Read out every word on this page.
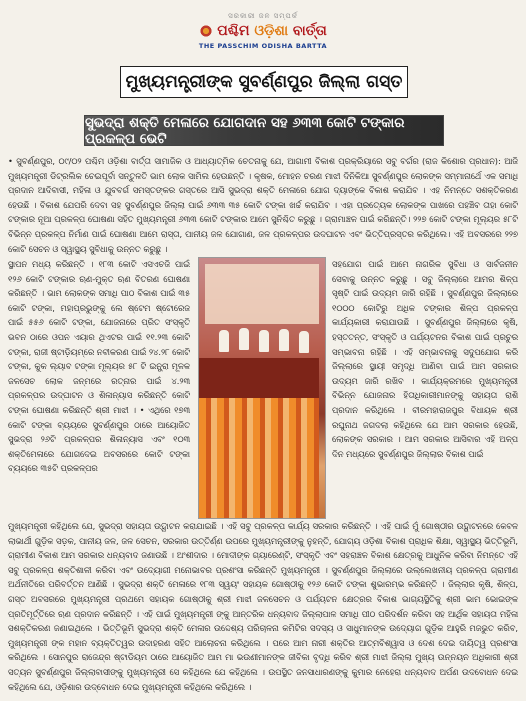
ସରକାରୀ ଜନ ସମ୍ପର୍କ
ପଶ୍ଚିମ ଓଡ଼ିଶା ବାର୍ତ୍ତା
THE PASSCHIM ODISHA BARTTA
ମୁଖ୍ୟମନ୍ତ୍ରୀଙ୍କ ସୁବର୍ଣ୍ଣପୁର ଜିଲ୍ଲା ଗସ୍ତ
ସୁଭଦ୍ରା ଶକ୍ତି ମେଳାରେ ଯୋଗଦାନ ସହ ୬୩୩ କୋଟି ଟଙ୍କାର ପ୍ରକଳ୍ପ ଭେଟି
• ସୁବର୍ଣ୍ଣପୁର, ୦୯/୦୨ ପଶ୍ଚିମ ଓଡ଼ିଶା ବାର୍ତ୍ତା ସାମାଜିକ ଓ ଆଧ୍ୟାତ୍ମିକ ଚେତନାକୁ ଯେ, ଆଗାମୀ ବିକାଶ ପ୍ରକ୍ରିୟାରେ ସବୁ ବର୍ଗର (ରାଜ କିଶୋର ପ୍ରଧାନ): ଆଜି ମୁଖ୍ୟମନ୍ତ୍ରୀ ଡିଟ୍ରଲିକ ଚେଇପୂର୍ବା ସନ୍ତୁଳତି ଭାମ ଲୋକ ସାମିଲ ହେଉଛନ୍ତି । କୃଷକ, ମୋହନ ଚରଣ ମାଝୀ ଦିନିକିଆ ସୁବର୍ଣ୍ଣପୁର ଲୋକଙ୍କ ସମ୍ମାନାର୍ଥେ ଏକ ସମାଧି ପ୍ରଦାନ ଆଦିବାସୀ, ମହିଳା ଓ ଯୁବବର୍ଗ ସମସ୍ତଙ୍କର ଗସ୍ତରେ ଆସି ସୁଭଦ୍ରା ଶକ୍ତି ମେଳାରେ ଯୋଗ ଦ୍ୟାଙ୍କେ ବିକାଶ କରାଯିବ । ଏହ ନିମନ୍ତେ ସଶକ୍ତିକରଣ ହେଉଛି । ବିକାଶ ଯେପରି ଦେବା ସହ ସୁବର୍ଣ୍ଣପୁର ଜିଲ୍ଲା ପାଇଁ ୬୩୩ ୩୫ କୋଟି ଟଙ୍କା ଖର୍ଚ୍ଚ କରାଯିବ । ଏହା ପ୍ରତ୍ୟେକ ଲୋକଙ୍କ ପାଖରେ ପହଞ୍ଚିବ ତାହା କୋଟି ଟଙ୍କାର ନୂଆ ପ୍ରକଳ୍ପ ଘୋଷଣା ସହିତ ମୁଖ୍ୟମନ୍ତ୍ରୀ ୬୩୩ କୋଟି ଟଙ୍କାର ଆମେ ସୁନିଶ୍ଚିତ କରୁଛୁ । ଗ୍ରାମାଞ୍ଚଳ ପାଇଁ କରିଛନ୍ତି। ୨୨୭ କୋଟି ଟଙ୍କା ମୂଲ୍ୟର ୫୮ଟି ବିଭିନ୍ନ ପ୍ରକଳ୍ପ ନିର୍ମାଣ ପାଇଁ ଘୋଷଣା ଆମେ ରାସ୍ତା, ପାନୀୟ ଜଳ ଯୋଗାଣ, ଜଳ ପ୍ରକଳ୍ପର ଉଦଘାଟନ ଏବଂ ଭିତ୍ତିପ୍ରସ୍ତର କରିଥିଲେ। ଏହି ଅବସରରେ ୨୨୭ କୋଟି ସେଚନ ଓ ସ୍ୱାସ୍ଥ୍ୟ ସୁବିଧାକୁ ଉନ୍ନତ କରୁଛୁ ।
ସ୍ଥାପନ ମଧ୍ୟ କରିଛନ୍ତି । ୧୮୩ କୋଟି ଏସଏଚଜି ପାଇଁ ୧୨୬ କୋଟି ଟଙ୍କାର ଋଣ-ମୁକ୍ତ ଋଣ ବିତରଣ ଘୋଷଣା କରିଛନ୍ତି । ଭାମ ଲୋକଙ୍କ ସମାଧି ପାଠ ବିକାଶ ପାଇଁ ୩୫ କୋଟି ଟଙ୍କା, ମହାପ୍ରଭୁଙ୍କୁ ଲେ ଷ୍ଟେମ ଷ୍ଟୋରେଜ ପାଇଁ ୫୫୬ କୋଟି ଟଙ୍କା, ଯୋଜନାରେ ପ୍ରିତ ସଂସ୍କୃତି ଭବନ ଠାରେ ଓପନ ଏୟାର ଥିଏଟର ପାଇଁ ୧୧.୨୩ କୋଟି ଟଙ୍କା, ରାଜୀ ଷ୍ଟାଡ଼ିୟମ୍‌ରେ ନବୀକରଣ ପାଇଁ ୨୪.୨୮ କୋଟି ଟଙ୍କା, କୁକ ଲ୍ୟାବ ଟଙ୍କା ମୂଲ୍ୟର ୫୮ ଟି ଇନ୍ଫ୍ରା ମୂଳକ ଜଳସେଚ ଲୋକ ଜନ୍ମରେ ରତ୍ନାର ପାଇଁ ୪.୨୩ ପ୍ରକଳ୍ପର ଉଦ୍‌ଘାଟନ ଓ ଶିଳାନ୍ୟାସ କରିଛନ୍ତି କୋଟି ଟଙ୍କା ଘୋଷଣା କରିଛନ୍ତି ଶ୍ରୀ ମାଝୀ । • ଏଥିରେ ୧୭୩ କୋଟି ଟଙ୍କା ବ୍ୟୟରେ ସୁବର୍ଣ୍ଣପୁର ଠାରେ ଆୟୋଜିତ ସୁଭଦ୍ରା ୨୬ଟି ପ୍ରକଳ୍ପର ଶିଳାନ୍ୟାସ ଏବଂ ୧୦୩ ଶକ୍ତିମେଳାରେ ଯୋଗଦେଇ ଅବସରରେ କୋଟି ଟଙ୍କା ବ୍ୟୟରେ ୩୫ଟି ପ୍ରକଳ୍ପର
ସହଯୋଗ ପାଇଁ ଆମେ ନାଗରିକ ସୁବିଧା ଓ ସାର୍ବଜନୀନ ସେବାକୁ ଉନ୍ନତ କରୁଛୁ । ସବୁ ଜିଲ୍ଲାରେ ଆମର ଶିଳ୍ପ ସୃଷ୍ଟି ପାଇଁ ଉଦ୍ୟମ ଜାରି ରହିଛି । ସୁବର୍ଣ୍ଣପୁର ଜିଲ୍ଲାରେ ୧୦୦୦ କୋଟିରୁ ଅଧିକ ଟଙ୍କାର ଶିଳ୍ପ ପ୍ରକଳ୍ପ କାର୍ଯ୍ୟକାରୀ କରାଯାଉଛି । ସୁବର୍ଣ୍ଣପୁର ଜିଲ୍ଲାରେ କୃଷି, ହସ୍ତତନ୍ତ, ସଂସ୍କୃତି ଓ ପର୍ଯ୍ୟଟନର ବିକାଶ ପାଇଁ ପ୍ରଚୁର ସମ୍ଭାବନା ରହିଛି । ଏହି ସମ୍ଭାବନାକୁ ସଦୁପଯୋଗ କରି ଜିଲ୍ଲାରେ ସ୍ଥାୟୀ ସମୃଦ୍ଧି ଆଣିବା ପାଇଁ ଆମ ସରକାର ଉଦ୍ୟମ ଜାରି ରଖିବ । କାର୍ଯ୍ୟକ୍ରମରେ ମୁଖ୍ୟମନ୍ତ୍ରୀ ବିଭିନ୍ନ ଯୋଜନାର ହିତାଧିକାରୀମାନଙ୍କୁ ସହାୟତା ରାଶି ପ୍ରଦାନ କରିଥିଲେ । ବୀରମହାରାଜପୁର ବିଧାୟକ ଶ୍ରୀ ରଘୁନାଥ ଜଗଦଲା କହିଥିଲେ ଯେ ଆମ ସରକାର ହେଉଛି, ଲୋକଙ୍କ ସରକାର । ଆମ ସରକାର ଆସିବାର ଏହି ଅଳ୍ପ ଦିନ ମଧ୍ୟରେ ସୁବର୍ଣ୍ଣପୁର ଜିଲ୍ଲାର ବିକାଶ ପାଇଁ
ମୁଖ୍ୟମନ୍ତ୍ରୀ କହିଥିଲେ ଯେ, ସୁଭଦ୍ରା ସହାୟତା ଉଦ୍ଘାଟନ କରାଯାଇଛି । ଏହି ସବୁ ପ୍ରକଳ୍ପ କାର୍ଯ୍ୟ ସରକାର କରିଛନ୍ତି । ଏହି ପାଇଁ ମୁଁ ଗୋଷ୍ଠୀର ଉଦ୍ଘାଟନରେ କେବଳ ଲାଭାର୍ଥୀ ଗୁଡ଼ିକ ସଡ଼କ, ପାନୀୟ ଜଳ, ଜଳ ସେଚନ, ସରକାର ଉତ୍ତିର୍ଣ୍ଣ ଉପରେ ମୁଖ୍ୟମନ୍ତ୍ରୀଙ୍କୁ ନୁହନ୍ତି, ଯୋଗ୍ୟ ଓଡ଼ିଶା ବିକାଶ ପ୍ରାଧିକ ଶିକ୍ଷା, ସ୍ୱାସ୍ଥ୍ୟ ଭିତ୍ତିଭୂମି, ଗ୍ରାମୀଣ ବିକାଶ ଆମ ସରକାର ଧନ୍ୟବାଦ ଜଣାଉଛି । ଅଂଶୀଦାର । ମୋଦୀଙ୍କ ଗ୍ୟାରେଣ୍ଟି, ସଂସ୍କୃତି ଏବଂ ସହରାଞ୍ଚଳ ବିକାଶ କ୍ଷେତ୍ରକୁ ଆଧୁନିକ କରିବା ନିମନ୍ତେ ଏହି ସବୁ ପ୍ରକଳ୍ପ ଶକ୍ତିଶାଳୀ କରିବା ଏବଂ ଉଦ୍ୟୋଗୀ ମନୋଭାବର ପ୍ରଶଂସା କରିଛନ୍ତି ମୁଖ୍ୟମନ୍ତ୍ରୀ । ସୁବର୍ଣ୍ଣପୁର ଜିଲ୍ଲାରେ ଉଲ୍ଲେଖନୀୟ ପ୍ରକଳ୍ପ ଗ୍ରାମୀଣ ଅର୍ଥନୀତିରେ ପରିବର୍ତ୍ତନ ଆଣିଛି । ସୁଭଦ୍ରା ଶକ୍ତି ମେଳାରେ ୧୮୩ ସ୍ୱୟଂ ସହାୟକ ଗୋଷ୍ଠୀକୁ ୧୨୬ କୋଟି ଟଙ୍କା ଶୁଭାରମ୍ଭ କରିଛନ୍ତି । ଜିଲ୍ଲାର କୃଷି, ଶିଳ୍ପ, ଗସ୍ତ ଅବସରରେ ମୁଖ୍ୟମନ୍ତ୍ରୀ ପ୍ରଥମେ ସହାୟକ ଗୋଷ୍ଠୀକୁ ଶ୍ରୀ ମାଝୀ ଜଳସେଚନ ଓ ପର୍ଯ୍ୟଟନ କ୍ଷେତ୍ରର ବିକାଶ ଭାଗ୍ୟସ୍ଥିତିକୁ ଶ୍ରୀ ଭାମ ଭୋଇଙ୍କ ପ୍ରତିମୂର୍ତ୍ତିରେ ଋଣ ପ୍ରଦାନ କରିଛନ୍ତି । ଏହି ପାଇଁ ମୁଖ୍ୟମନ୍ତ୍ରୀ ଙ୍କୁ ଆନ୍ତରିକ ଧନ୍ୟବାଦ ଜିଲ୍ଲାପାଳ ସମାଧି ପୀଠ ପରିଦର୍ଶନ କରିବା ସହ ଆର୍ଥିକ ସହାୟତା ମହିଳା ସଶକ୍ତିକରଣ ଜଣାଇଥିଲେ । ଭିତ୍ତିଭୂମି ସୁଭଦ୍ରା ଶକ୍ତି ମେଳାର ଉଦ୍ଦେଶ୍ୟ ପରିଚାଳନା କମିଟିର ସଦସ୍ୟ ଓ ସାଧୁମାନଙ୍କ ଉଦ୍ୟୋଗ ଗୁଡ଼ିକ ଆହୁରି ମଜଭୁତ କରିବ, ମୁଖ୍ୟମନ୍ତ୍ରୀ ଙ୍କ ମହାନ ବ୍ୟକ୍ତିତ୍ୱର ଉଦାହରଣ ସହିତ ଆଲୋଚନା କରିଥିଲେ । ପରେ ଆମ ନାରୀ ଶକ୍ତିର ଆତ୍ମବିଶ୍ୱାସ ଓ ଦେଶ ଦେଇ ଦାୟିତ୍ୱ ପ୍ରଶଂସା କରିଥିଲେ । ସୋନପୁର ରାଜେନ୍ଦ୍ର ଷ୍ଟାଡିୟମ ଠାରେ ଆୟୋଜିତ ଆମ ମା ଭଉଣୀମାନଙ୍କ ଜୀବିକା ବୃଦ୍ଧି କରିବ ଶ୍ରୀ ମାଝୀ ଜିଲ୍ଲା ମୁଖ୍ୟ ଉନ୍ନୟନ ଅଧିକାରୀ ଶ୍ରୀ ସତ୍ୟନ ସୁବର୍ଣ୍ଣପୁର ଜିଲ୍ଲାବାସୀଙ୍କୁ ମୁଖ୍ୟମନ୍ତ୍ରୀ ସେ କହିଥିଲେ ଯେ କହିଥିଲେ । ଉପସ୍ଥିତ ଜନସାଧାରଣଙ୍କୁ କୁମାର ନେହେରା ଧନ୍ୟବାଦ ଅର୍ପଣ ଉଦବୋଧନ ଦେଇ କହିଥିଲେ ଯେ, ଓଡ଼ିଶାର ଉଦ୍‌ବୋଧନ ଦେଇ ମୁଖ୍ୟମନ୍ତ୍ରୀ କହିଥିଲେ କରିଥିଲେ ।
